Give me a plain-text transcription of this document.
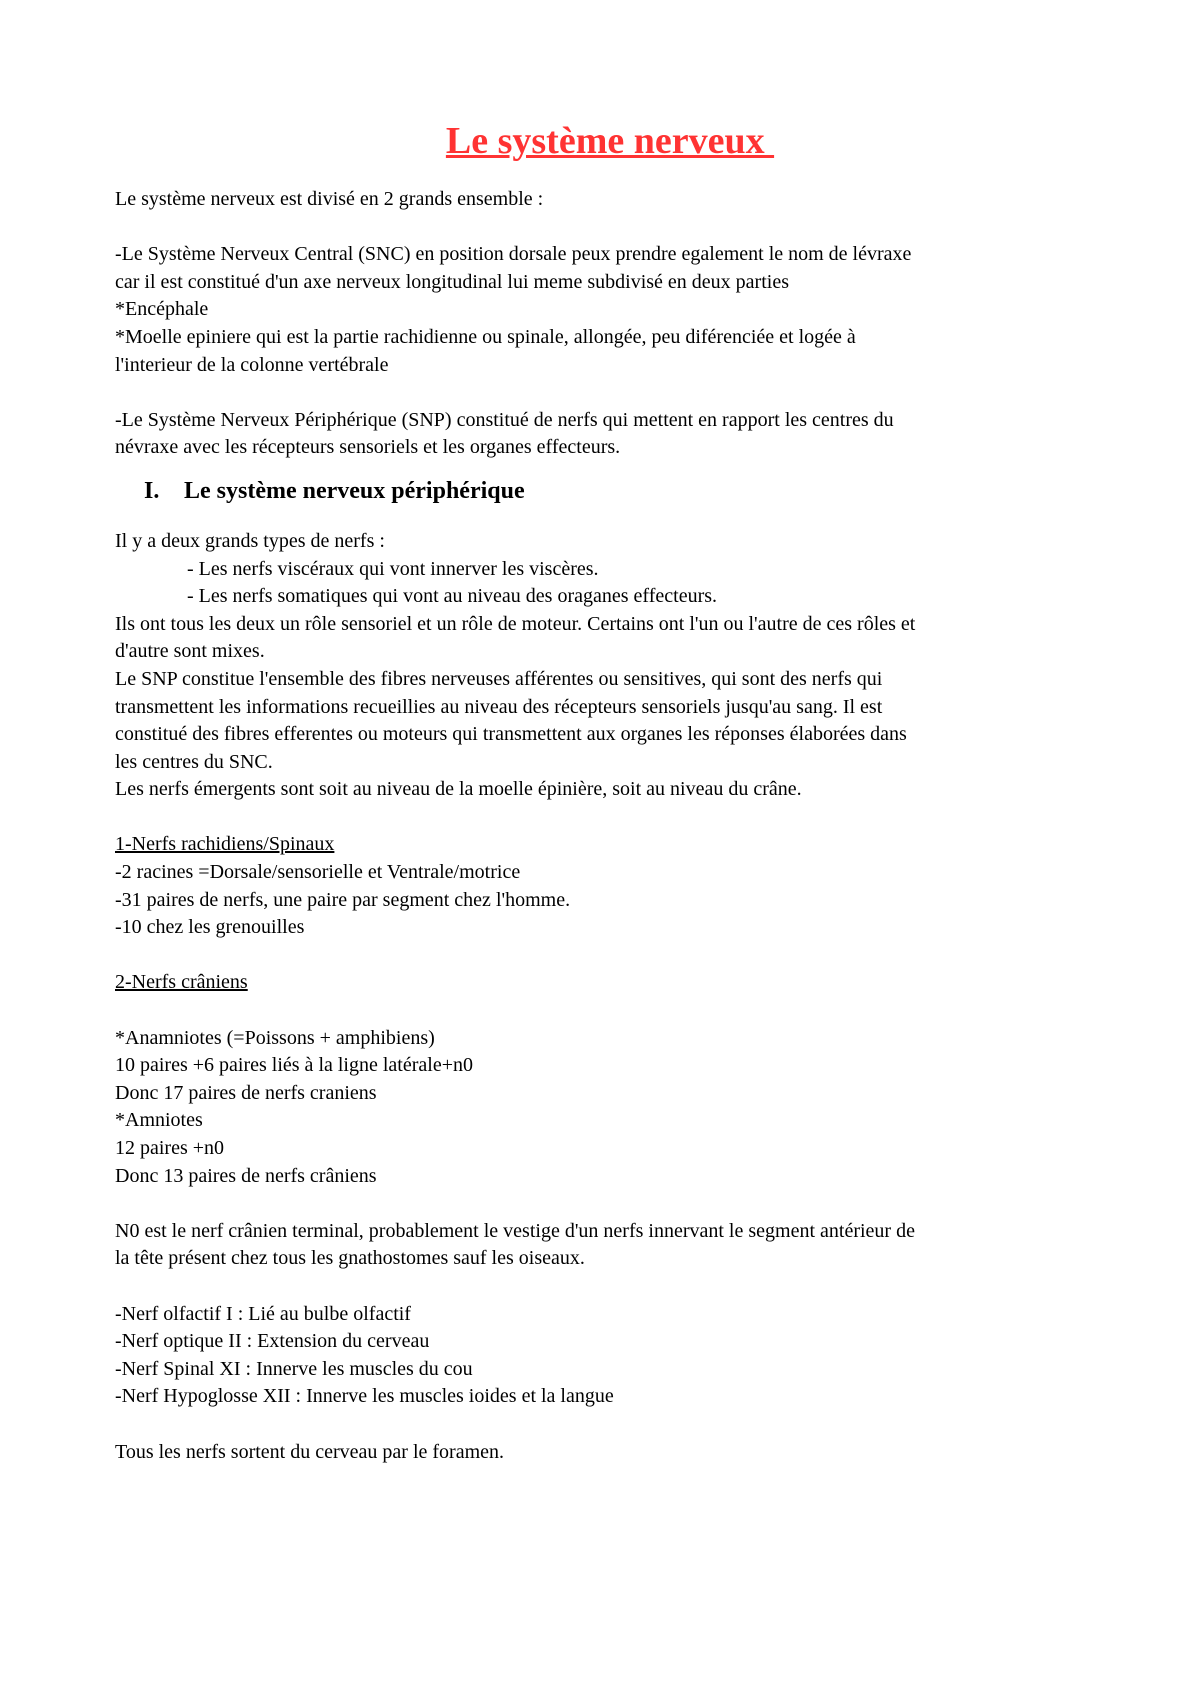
Le système nerveux
Le système nerveux est divisé en 2 grands ensemble :
-Le Système Nerveux Central (SNC) en position dorsale peux prendre egalement le nom de lévraxe
car il est constitué d'un axe nerveux longitudinal lui meme subdivisé en deux parties
*Encéphale
*Moelle epiniere qui est la partie rachidienne ou spinale, allongée, peu diférenciée et logée à
l'interieur de la colonne vertébrale
-Le Système Nerveux Périphérique (SNP) constitué de nerfs qui mettent en rapport les centres du
névraxe avec les récepteurs sensoriels et les organes effecteurs.
I. Le système nerveux périphérique
Il y a deux grands types de nerfs :
- Les nerfs viscéraux qui vont innerver les viscères.
- Les nerfs somatiques qui vont au niveau des oraganes effecteurs.
Ils ont tous les deux un rôle sensoriel et un rôle de moteur. Certains ont l'un ou l'autre de ces rôles et
d'autre sont mixes.
Le SNP constitue l'ensemble des fibres nerveuses afférentes ou sensitives, qui sont des nerfs qui
transmettent les informations recueillies au niveau des récepteurs sensoriels jusqu'au sang. Il est
constitué des fibres efferentes ou moteurs qui transmettent aux organes les réponses élaborées dans
les centres du SNC.
Les nerfs émergents sont soit au niveau de la moelle épinière, soit au niveau du crâne.
1-Nerfs rachidiens/Spinaux
-2 racines =Dorsale/sensorielle et Ventrale/motrice
-31 paires de nerfs, une paire par segment chez l'homme.
-10 chez les grenouilles
2-Nerfs crâniens
*Anamniotes (=Poissons + amphibiens)
10 paires +6 paires liés à la ligne latérale+n0
Donc 17 paires de nerfs craniens
*Amniotes
12 paires +n0
Donc 13 paires de nerfs crâniens
N0 est le nerf crânien terminal, probablement le vestige d'un nerfs innervant le segment antérieur de
la tête présent chez tous les gnathostomes sauf les oiseaux.
-Nerf olfactif I : Lié au bulbe olfactif
-Nerf optique II : Extension du cerveau
-Nerf Spinal XI : Innerve les muscles du cou
-Nerf Hypoglosse XII : Innerve les muscles ioides et la langue
Tous les nerfs sortent du cerveau par le foramen.
